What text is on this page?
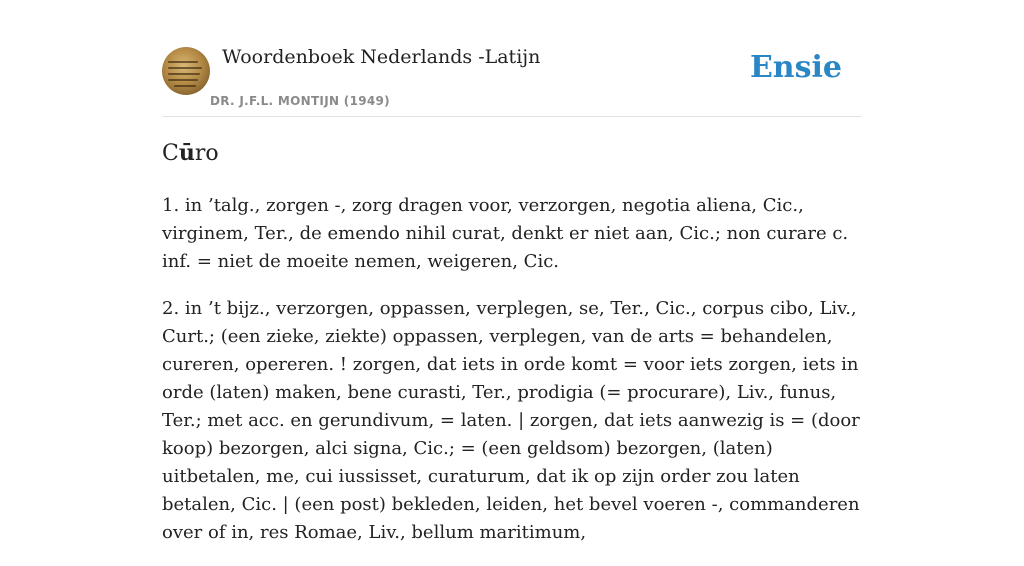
Woordenboek Nederlands -Latijn
DR. J.F.L. MONTIJN (1949)
Ensie
Cūro

1. in ’talg., zorgen -, zorg dragen voor, verzorgen, negotia aliena, Cic., virginem, Ter., de emendo nihil curat, denkt er niet aan, Cic.; non curare c. inf. = niet de moeite nemen, weigeren, Cic.

2. in ’t bijz., verzorgen, oppassen, verplegen, se, Ter., Cic., corpus cibo, Liv., Curt.; (een zieke, ziekte) oppassen, verplegen, van de arts = behandelen, cureren, opereren. ! zorgen, dat iets in orde komt = voor iets zorgen, iets in orde (laten) maken, bene curasti, Ter., prodigia (= procurare), Liv., funus, Ter.; met acc. en gerundivum, = laten. | zorgen, dat iets aanwezig is = (door koop) bezorgen, alci signa, Cic.; = (een geldsom) bezorgen, (laten) uitbetalen, me, cui iussisset, curaturum, dat ik op zijn order zou laten betalen, Cic. | (een post) bekleden, leiden, het bevel voeren -, commanderen over of in, res Romae, Liv., bellum maritimum,
